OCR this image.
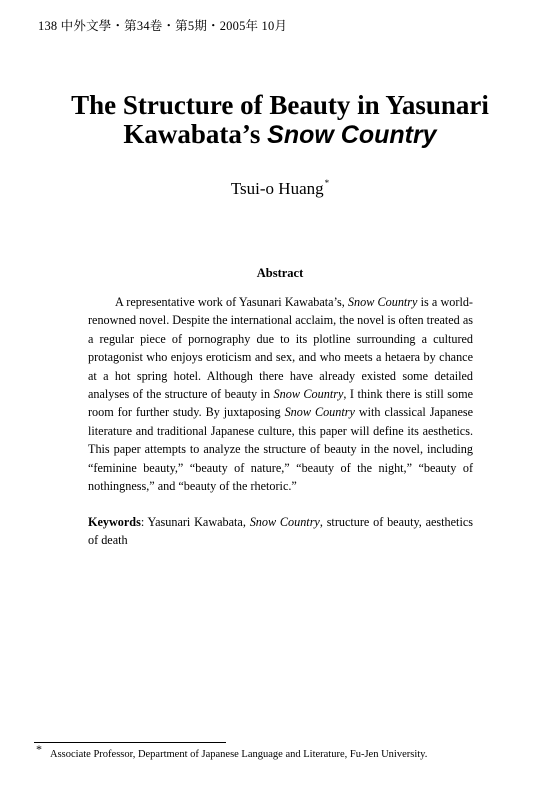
138 中外文學・第34卷・第5期・2005年 10月
The Structure of Beauty in Yasunari
Kawabata’s Snow Country
Tsui-o Huang*
Abstract

A representative work of Yasunari Kawabata’s, Snow Country is a world-renowned novel. Despite the international acclaim, the novel is often treated as a regular piece of pornography due to its plotline surrounding a cultured protagonist who enjoys eroticism and sex, and who meets a hetaera by chance at a hot spring hotel. Although there have already existed some detailed analyses of the structure of beauty in Snow Country, I think there is still some room for further study. By juxtaposing Snow Country with classical Japanese literature and traditional Japanese culture, this paper will define its aesthetics. This paper attempts to analyze the structure of beauty in the novel, including “feminine beauty,” “beauty of nature,” “beauty of the night,” “beauty of nothingness,” and “beauty of the rhetoric.”

Keywords: Yasunari Kawabata, Snow Country, structure of beauty, aesthetics of death

* Associate Professor, Department of Japanese Language and Literature, Fu-Jen University.
